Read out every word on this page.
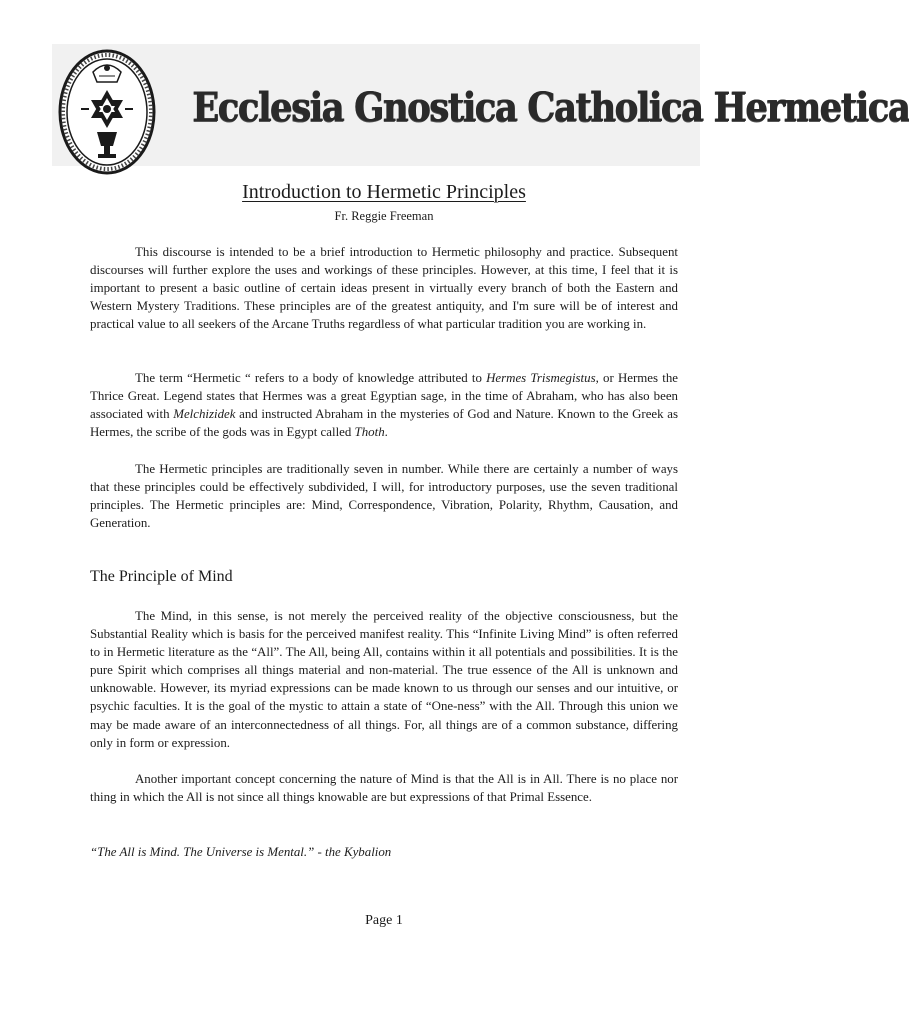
Ecclesia Gnostica Catholica Hermetica
Introduction to Hermetic Principles
Fr. Reggie Freeman

This discourse is intended to be a brief introduction to Hermetic philosophy and practice. Subsequent discourses will further explore the uses and workings of these principles. However, at this time, I feel that it is important to present a basic outline of certain ideas present in virtually every branch of both the Eastern and Western Mystery Traditions. These principles are of the greatest antiquity, and I'm sure will be of interest and practical value to all seekers of the Arcane Truths regardless of what particular tradition you are working in.

The term “Hermetic “ refers to a body of knowledge attributed to Hermes Trismegistus, or Hermes the Thrice Great. Legend states that Hermes was a great Egyptian sage, in the time of Abraham, who has also been associated with Melchizidek and instructed Abraham in the mysteries of God and Nature. Known to the Greek as Hermes, the scribe of the gods was in Egypt called Thoth.

The Hermetic principles are traditionally seven in number. While there are certainly a number of ways that these principles could be effectively subdivided, I will, for introductory purposes, use the seven traditional principles. The Hermetic principles are: Mind, Correspondence, Vibration, Polarity, Rhythm, Causation, and Generation.

The Principle of Mind

The Mind, in this sense, is not merely the perceived reality of the objective consciousness, but the Substantial Reality which is basis for the perceived manifest reality. This “Infinite Living Mind” is often referred to in Hermetic literature as the “All”. The All, being All, contains within it all potentials and possibilities. It is the pure Spirit which comprises all things material and non-material. The true essence of the All is unknown and unknowable. However, its myriad expressions can be made known to us through our senses and our intuitive, or psychic faculties. It is the goal of the mystic to attain a state of “One-ness” with the All. Through this union we may be made aware of an interconnectedness of all things. For, all things are of a common substance, differing only in form or expression.

Another important concept concerning the nature of Mind is that the All is in All. There is no place nor thing in which the All is not since all things knowable are but expressions of that Primal Essence.

“The All is Mind. The Universe is Mental.” - the Kybalion
Page 1
